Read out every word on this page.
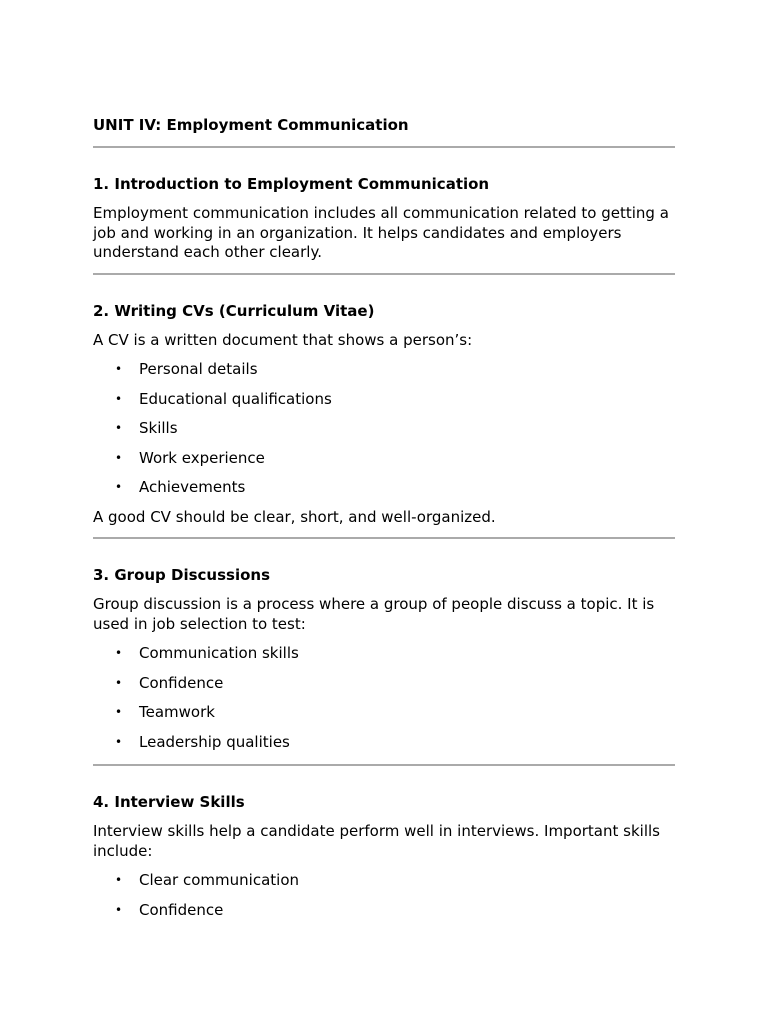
UNIT IV: Employment Communication
1. Introduction to Employment Communication

Employment communication includes all communication related to getting a job and working in an organization. It helps candidates and employers understand each other clearly.

2. Writing CVs (Curriculum Vitae)

A CV is a written document that shows a person’s:

• Personal details
• Educational qualifications
• Skills
• Work experience
• Achievements

A good CV should be clear, short, and well-organized.

3. Group Discussions

Group discussion is a process where a group of people discuss a topic. It is used in job selection to test:

• Communication skills
• Confidence
• Teamwork
• Leadership qualities
4. Interview Skills

Interview skills help a candidate perform well in interviews. Important skills include:

• Clear communication
• Confidence
